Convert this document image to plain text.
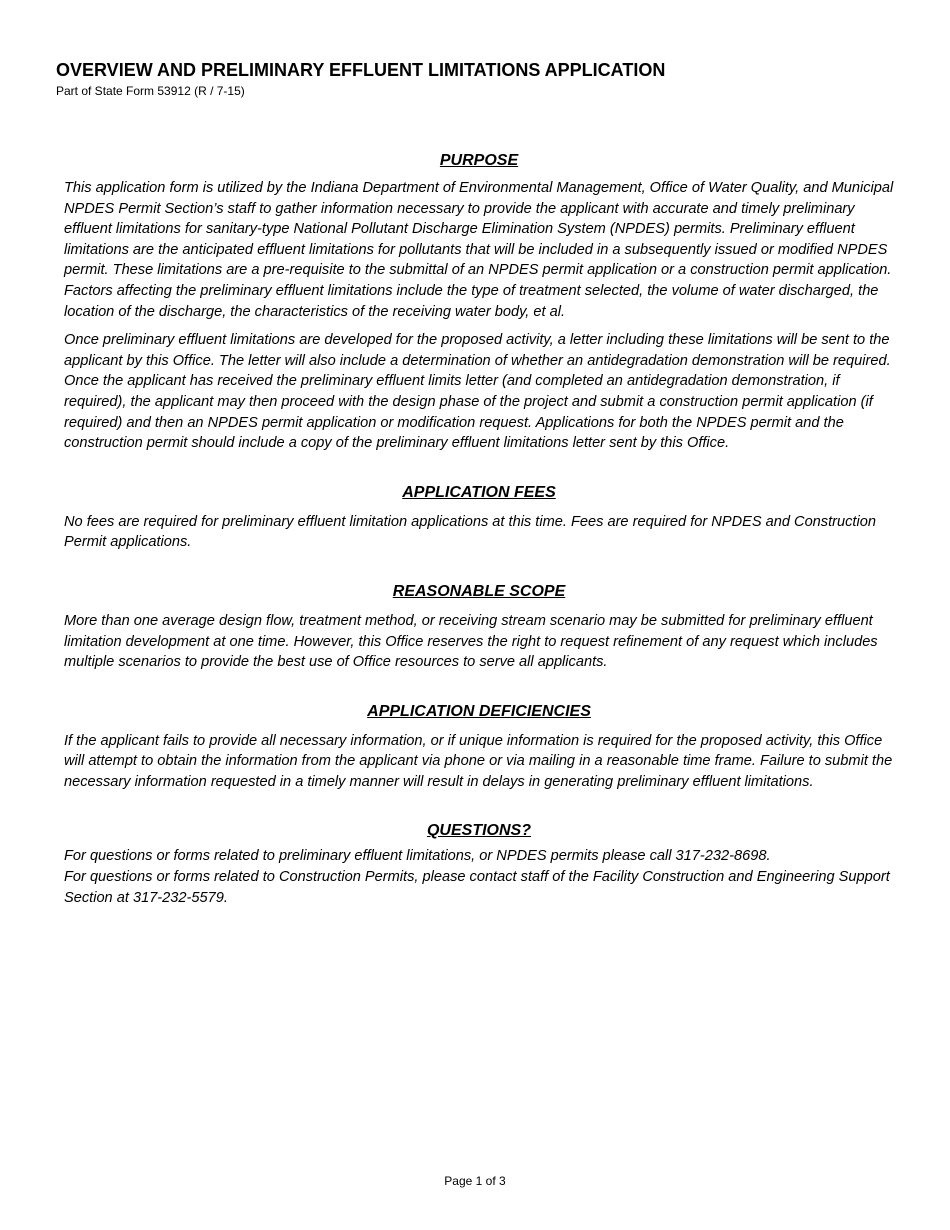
OVERVIEW AND PRELIMINARY EFFLUENT LIMITATIONS APPLICATION

Part of State Form 53912 (R / 7-15)

PURPOSE

This application form is utilized by the Indiana Department of Environmental Management, Office of Water Quality, and Municipal NPDES Permit Section’s staff to gather information necessary to provide the applicant with accurate and timely preliminary effluent limitations for sanitary-type National Pollutant Discharge Elimination System (NPDES) permits. Preliminary effluent limitations are the anticipated effluent limitations for pollutants that will be included in a subsequently issued or modified NPDES permit. These limitations are a pre-requisite to the submittal of an NPDES permit application or a construction permit application. Factors affecting the preliminary effluent limitations include the type of treatment selected, the volume of water discharged, the location of the discharge, the characteristics of the receiving water body, et al.

Once preliminary effluent limitations are developed for the proposed activity, a letter including these limitations will be sent to the applicant by this Office. The letter will also include a determination of whether an antidegradation demonstration will be required. Once the applicant has received the preliminary effluent limits letter (and completed an antidegradation demonstration, if required), the applicant may then proceed with the design phase of the project and submit a construction permit application (if required) and then an NPDES permit application or modification request. Applications for both the NPDES permit and the construction permit should include a copy of the preliminary effluent limitations letter sent by this Office.

APPLICATION FEES

No fees are required for preliminary effluent limitation applications at this time. Fees are required for NPDES and Construction Permit applications.

REASONABLE SCOPE

More than one average design flow, treatment method, or receiving stream scenario may be submitted for preliminary effluent limitation development at one time. However, this Office reserves the right to request refinement of any request which includes multiple scenarios to provide the best use of Office resources to serve all applicants.

APPLICATION DEFICIENCIES

If the applicant fails to provide all necessary information, or if unique information is required for the proposed activity, this Office will attempt to obtain the information from the applicant via phone or via mailing in a reasonable time frame. Failure to submit the necessary information requested in a timely manner will result in delays in generating preliminary effluent limitations.

QUESTIONS?

For questions or forms related to preliminary effluent limitations, or NPDES permits please call 317-232-8698.
For questions or forms related to Construction Permits, please contact staff of the Facility Construction and Engineering Support Section at 317-232-5579.

Page 1 of 3
